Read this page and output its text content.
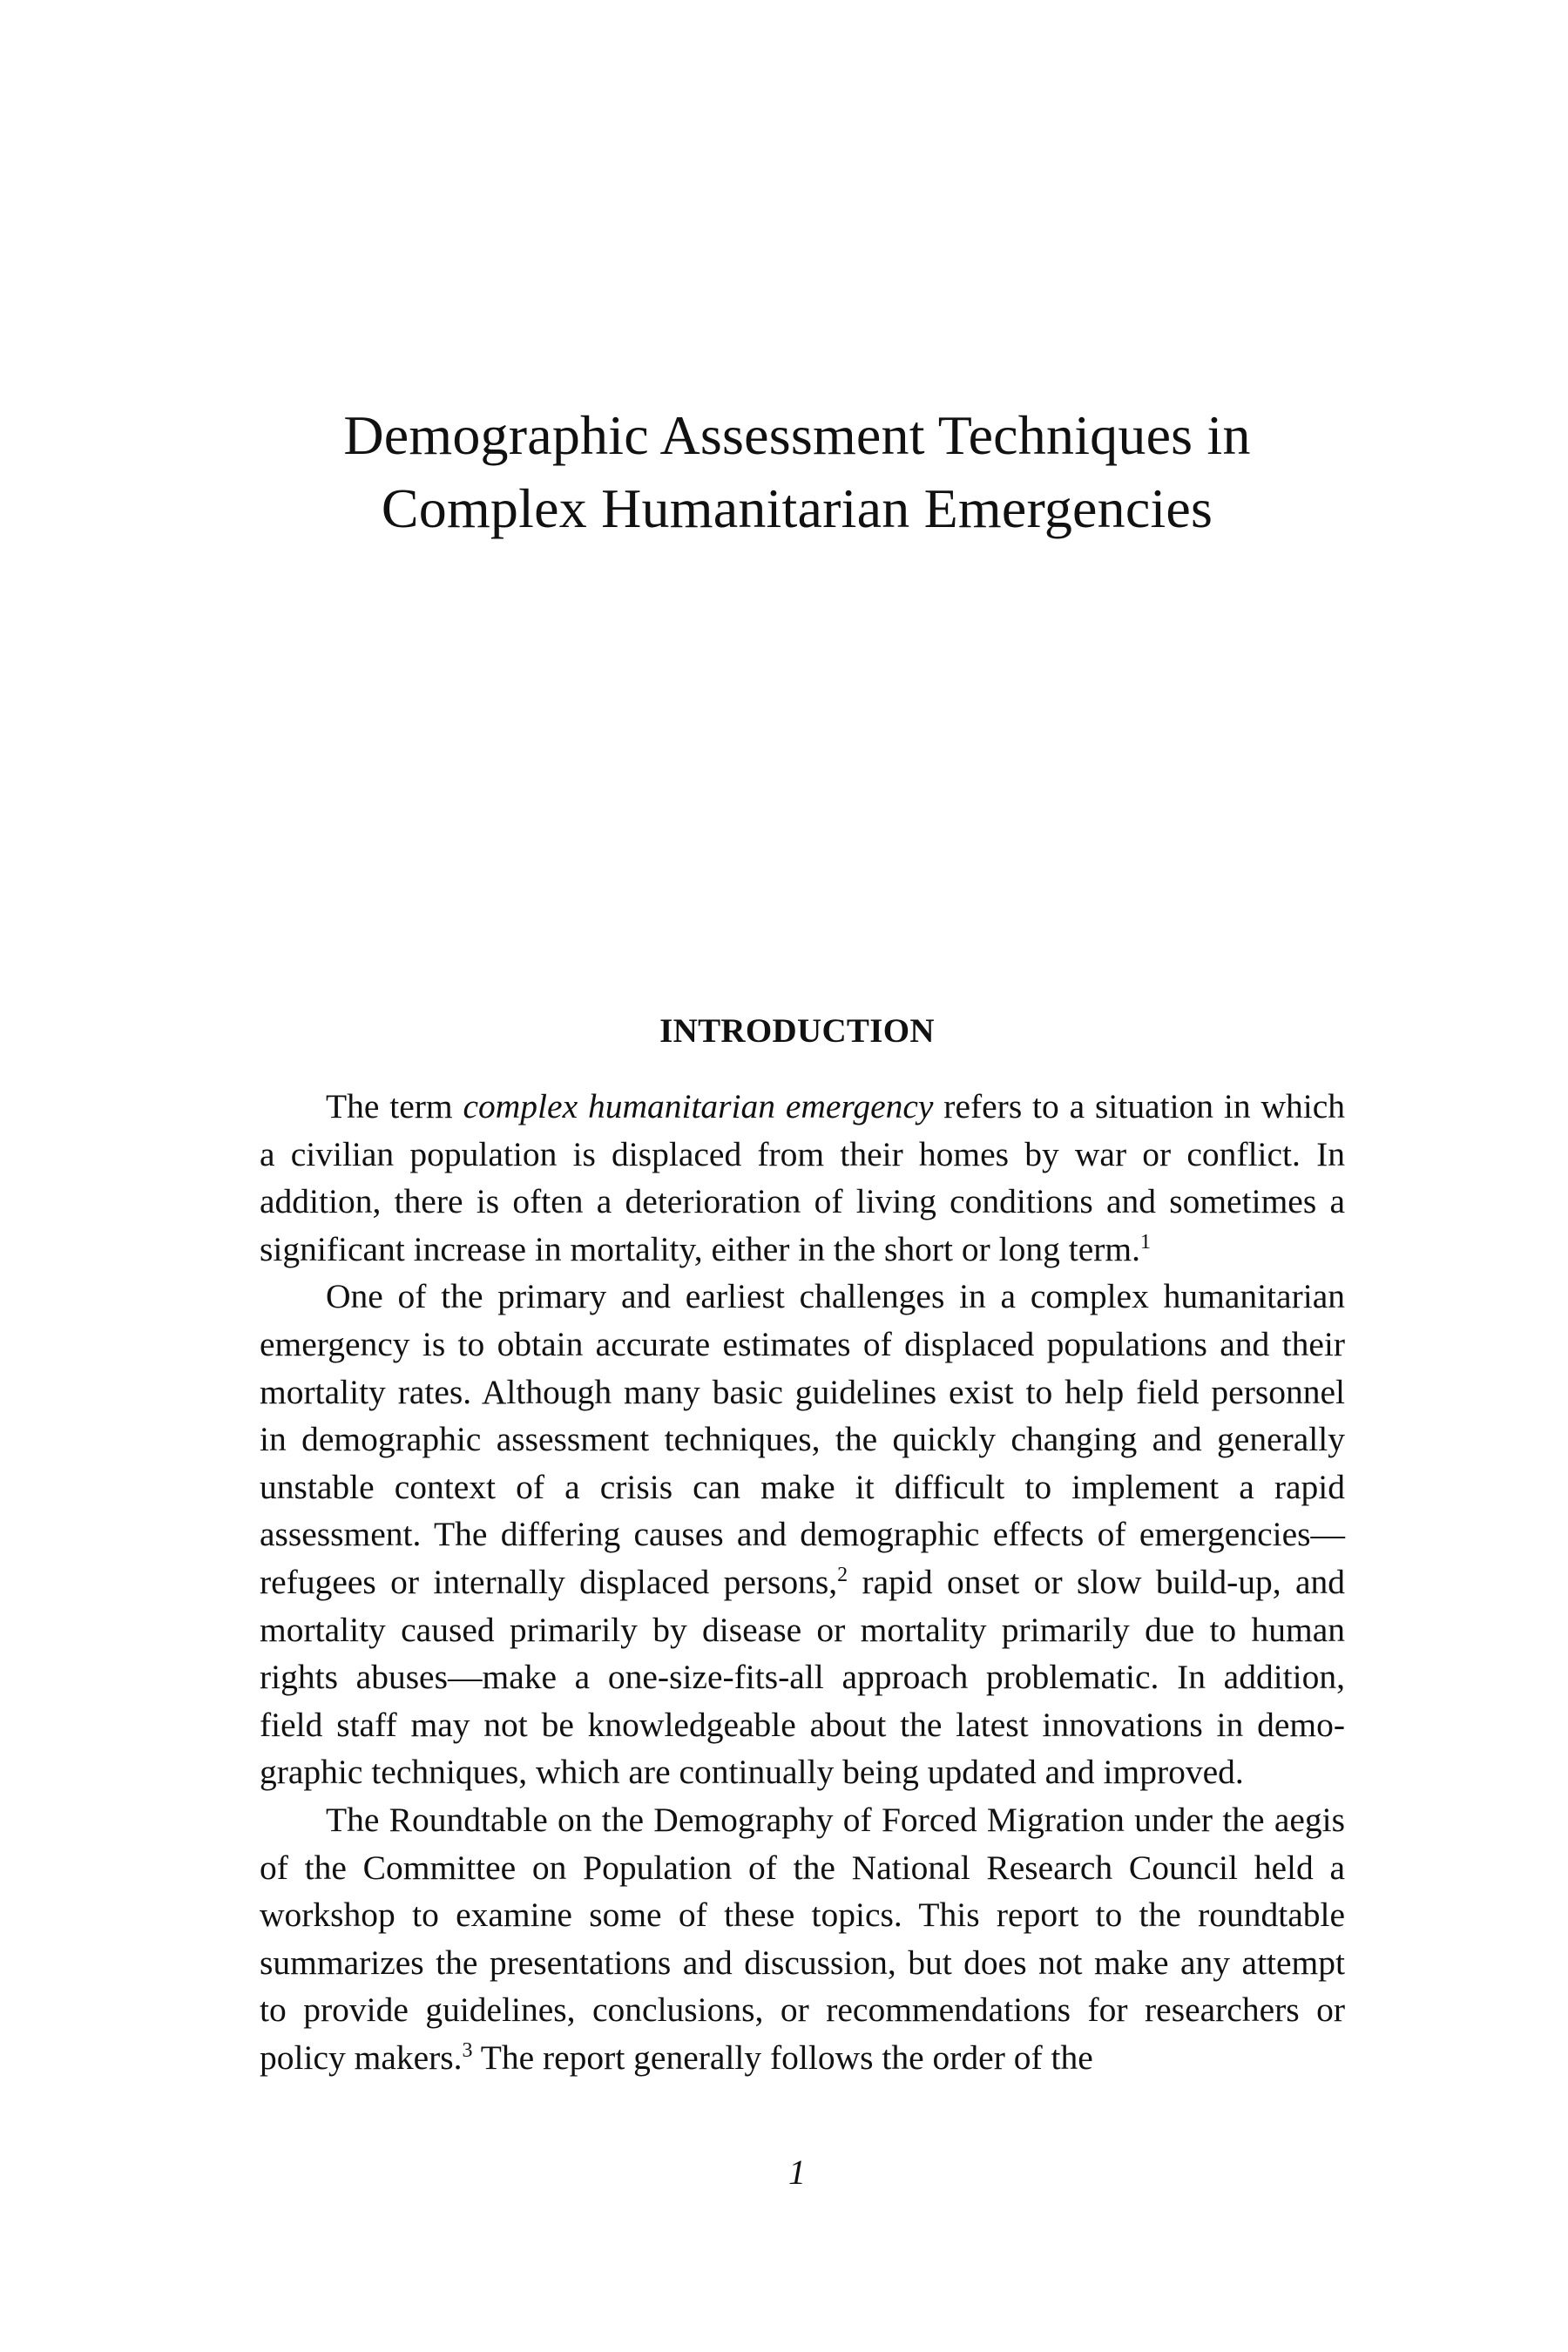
Demographic Assessment Techniques in
Complex Humanitarian Emergencies
INTRODUCTION

The term complex humanitarian emergency refers to a situation in which a civilian population is displaced from their homes by war or conflict. In addition, there is often a deterioration of living conditions and sometimes a significant increase in mortality, either in the short or long term.$^1$

One of the primary and earliest challenges in a complex humanitarian emergency is to obtain accurate estimates of displaced populations and their mortality rates. Although many basic guidelines exist to help field personnel in demographic assessment techniques, the quickly changing and generally unstable context of a crisis can make it difficult to implement a rapid assessment. The differing causes and demographic effects of emergencies—refugees or internally displaced persons,$^2$ rapid onset or slow build-up, and mortality caused primarily by disease or mortality primarily due to human rights abuses—make a one-size-fits-all approach problematic. In addition, field staff may not be knowledgeable about the latest innovations in demographic techniques, which are continually being updated and improved.

The Roundtable on the Demography of Forced Migration under the aegis of the Committee on Population of the National Research Council held a workshop to examine some of these topics. This report to the roundtable summarizes the presentations and discussion, but does not make any attempt to provide guidelines, conclusions, or recommendations for researchers or policy makers.$^3$ The report generally follows the order of the

1
